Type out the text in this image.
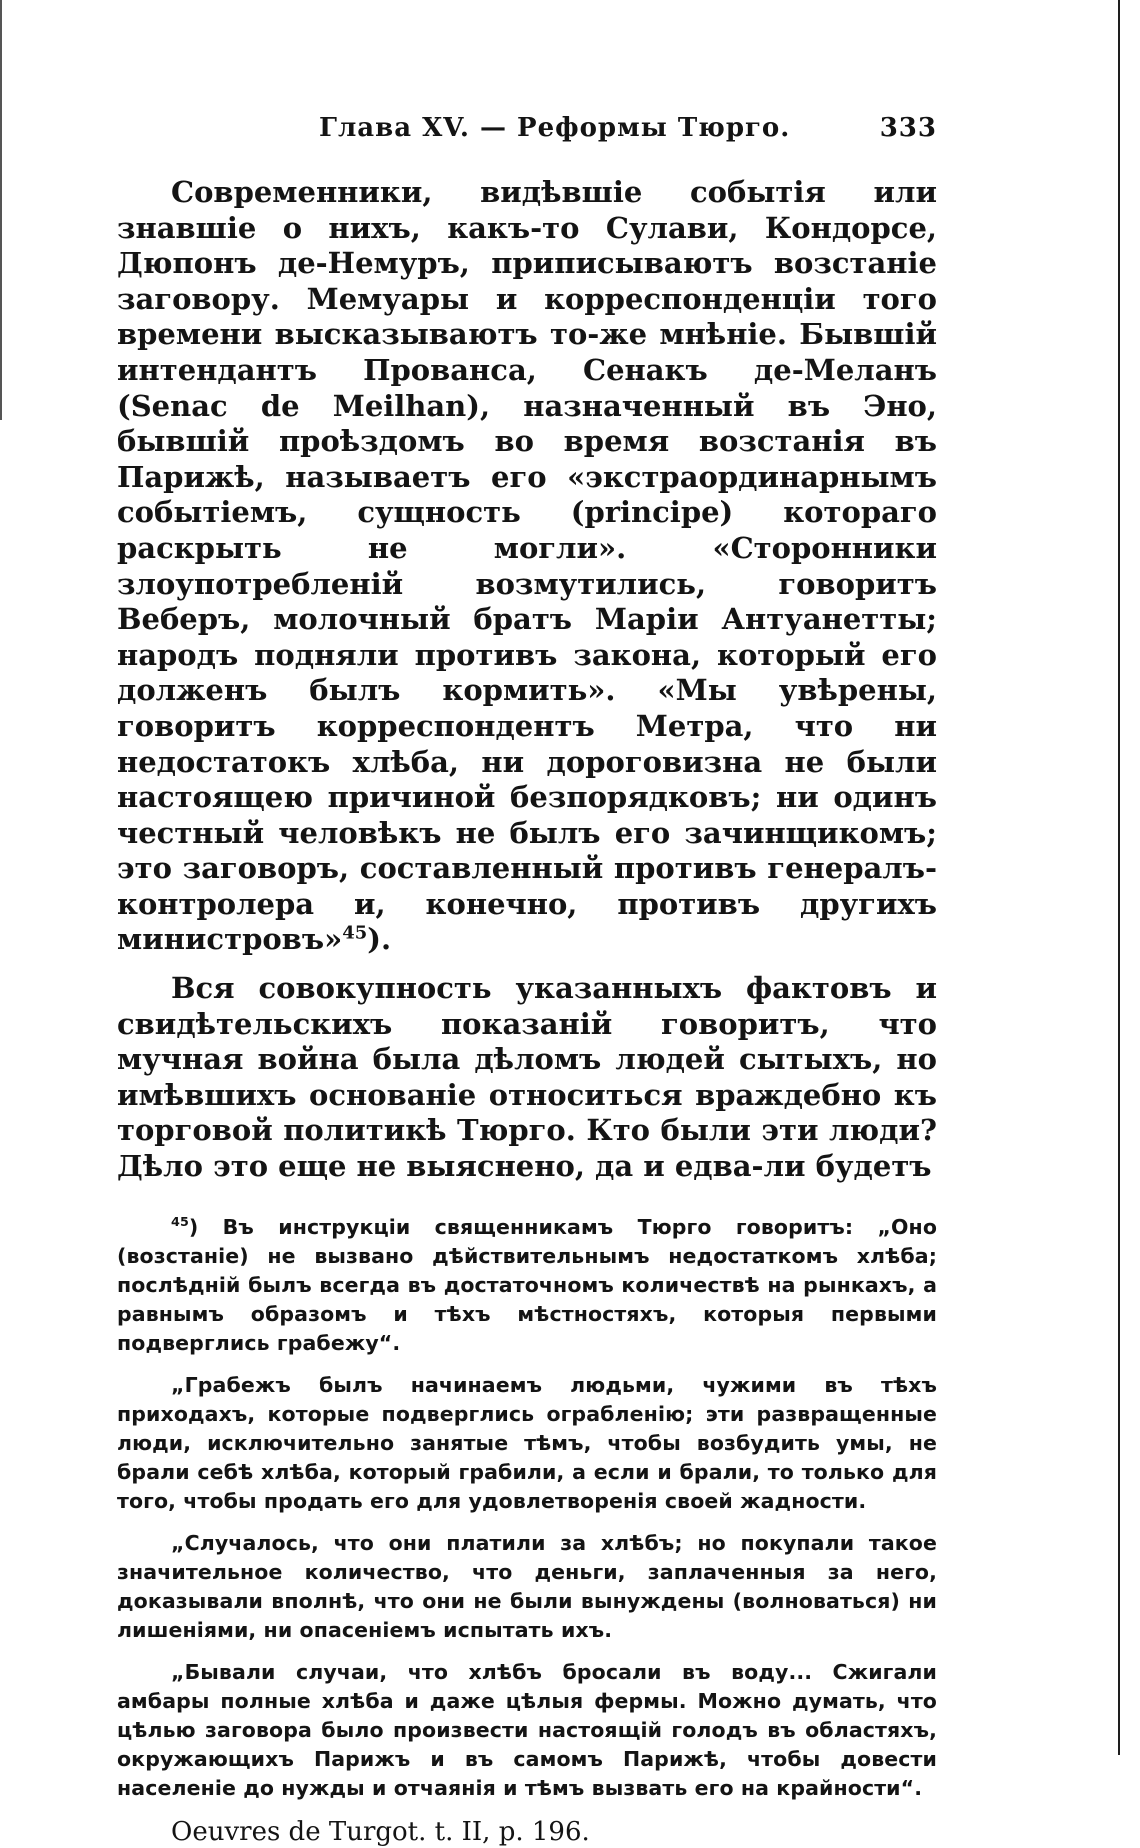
Глава XV. — Реформы Тюрго.	333

Современники, видѣвшіе событія или знавшіе о нихъ, какъ-то Сулави, Кондорсе, Дюпонъ де-Немуръ, приписываютъ возстаніе заговору. Мемуары и корреспонденціи того времени высказываютъ то-же мнѣніе. Бывшій интендантъ Прованса, Сенакъ де-Меланъ (Senac de Meilhan), назначенный въ Эно, бывшій проѣздомъ во время возстанія въ Парижѣ, называетъ его «экстраординарнымъ событіемъ, сущность (principe) котораго раскрыть не могли». «Сторонники злоупотребленій возмутились, говоритъ Веберъ, молочный братъ Маріи Антуанетты; народъ подняли противъ закона, который его долженъ былъ кормить». «Мы увѣрены, говоритъ корреспондентъ Метра, что ни недостатокъ хлѣба, ни дороговизна не были настоящею причиной безпорядковъ; ни одинъ честный человѣкъ не былъ его зачинщикомъ; это заговоръ, составленный противъ генералъ-контролера и, конечно, противъ другихъ министровъ»$^{45}$).

Вся совокупность указанныхъ фактовъ и свидѣтельскихъ показаній говоритъ, что мучная война была дѣломъ людей сытыхъ, но имѣвшихъ основаніе относиться враждебно къ торговой политикѣ Тюрго. Кто были эти люди? Дѣло это еще не выяснено, да и едва-ли будетъ

$^{45}$) Въ инструкціи священникамъ Тюрго говоритъ: „Оно (возстаніе) не вызвано дѣйствительнымъ недостаткомъ хлѣба; послѣдній былъ всегда въ достаточномъ количествѣ на рынкахъ, а равнымъ образомъ и тѣхъ мѣстностяхъ, которыя первыми подверглись грабежу“.

„Грабежъ былъ начинаемъ людьми, чужими въ тѣхъ приходахъ, которые подверглись ограбленію; эти развращенные люди, исключительно занятые тѣмъ, чтобы возбудить умы, не брали себѣ хлѣба, который грабили, а если и брали, то только для того, чтобы продать его для удовлетворенія своей жадности.

„Случалось, что они платили за хлѣбъ; но покупали такое значительное количество, что деньги, заплаченныя за него, доказывали вполнѣ, что они не были вынуждены (волноваться) ни лишеніями, ни опасеніемъ испытать ихъ.

„Бывали случаи, что хлѣбъ бросали въ воду... Сжигали амбары полные хлѣба и даже цѣлыя фермы. Можно думать, что цѣлью заговора было произвести настоящій голодъ въ областяхъ, окружающихъ Парижъ и въ самомъ Парижѣ, чтобы довести населеніе до нужды и отчаянія и тѣмъ вызвать его на крайности“.

Oeuvres de Turgot. t. II, p. 196.
